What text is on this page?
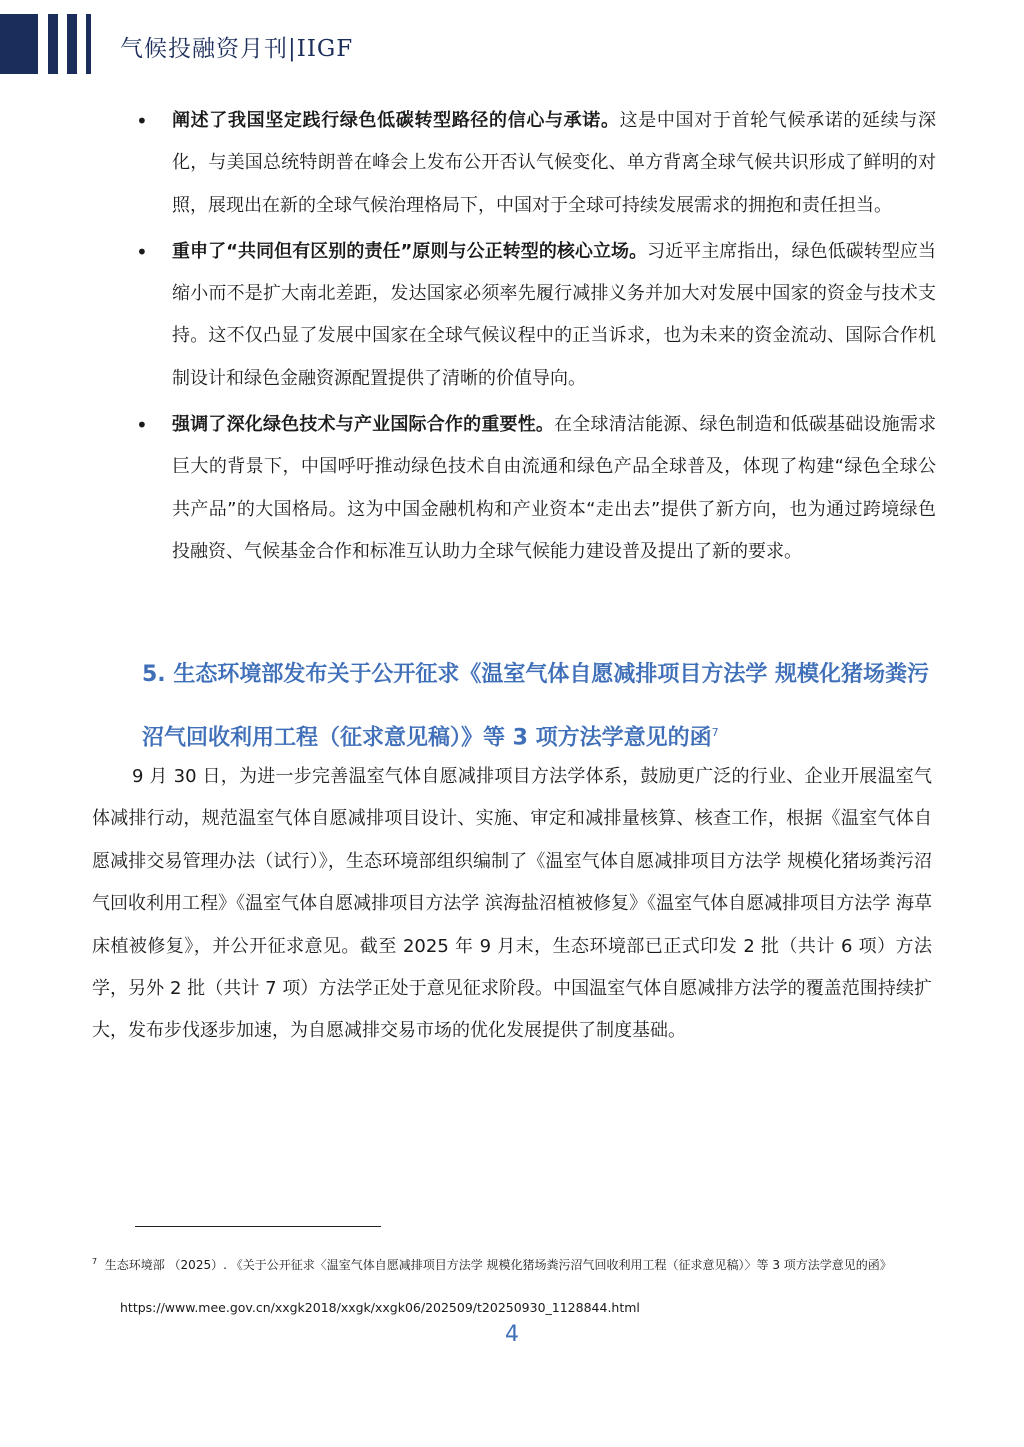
气候投融资月刊|IIGF
•	阐述了我国坚定践行绿色低碳转型路径的信心与承诺。这是中国对于首轮气候承诺的延续与深化，与美国总统特朗普在峰会上发布公开否认气候变化、单方背离全球气候共识形成了鲜明的对照，展现出在新的全球气候治理格局下，中国对于全球可持续发展需求的拥抱和责任担当。
•	重申了“共同但有区别的责任”原则与公正转型的核心立场。习近平主席指出，绿色低碳转型应当缩小而不是扩大南北差距，发达国家必须率先履行减排义务并加大对发展中国家的资金与技术支持。这不仅凸显了发展中国家在全球气候议程中的正当诉求，也为未来的资金流动、国际合作机制设计和绿色金融资源配置提供了清晰的价值导向。
•	强调了深化绿色技术与产业国际合作的重要性。在全球清洁能源、绿色制造和低碳基础设施需求巨大的背景下，中国呼吁推动绿色技术自由流通和绿色产品全球普及，体现了构建“绿色全球公共产品”的大国格局。这为中国金融机构和产业资本“走出去”提供了新方向，也为通过跨境绿色投融资、气候基金合作和标准互认助力全球气候能力建设普及提出了新的要求。
5. 生态环境部发布关于公开征求《温室气体自愿减排项目方法学 规模化猪场粪污沼气回收利用工程（征求意见稿）》等 3 项方法学意见的函$^7$
9 月 30 日，为进一步完善温室气体自愿减排项目方法学体系，鼓励更广泛的行业、企业开展温室气体减排行动，规范温室气体自愿减排项目设计、实施、审定和减排量核算、核查工作，根据《温室气体自愿减排交易管理办法（试行）》，生态环境部组织编制了《温室气体自愿减排项目方法学 规模化猪场粪污沼气回收利用工程》《温室气体自愿减排项目方法学 滨海盐沼植被修复》《温室气体自愿减排项目方法学 海草床植被修复》，并公开征求意见。截至 2025 年 9 月末，生态环境部已正式印发 2 批（共计 6 项）方法学，另外 2 批（共计 7 项）方法学正处于意见征求阶段。中国温室气体自愿减排方法学的覆盖范围持续扩大，发布步伐逐步加速，为自愿减排交易市场的优化发展提供了制度基础。
$^7$ 生态环境部 （2025）. 《关于公开征求〈温室气体自愿减排项目方法学 规模化猪场粪污沼气回收利用工程（征求意见稿）〉等 3 项方法学意见的函》
https://www.mee.gov.cn/xxgk2018/xxgk/xxgk06/202509/t20250930_1128844.html
4
